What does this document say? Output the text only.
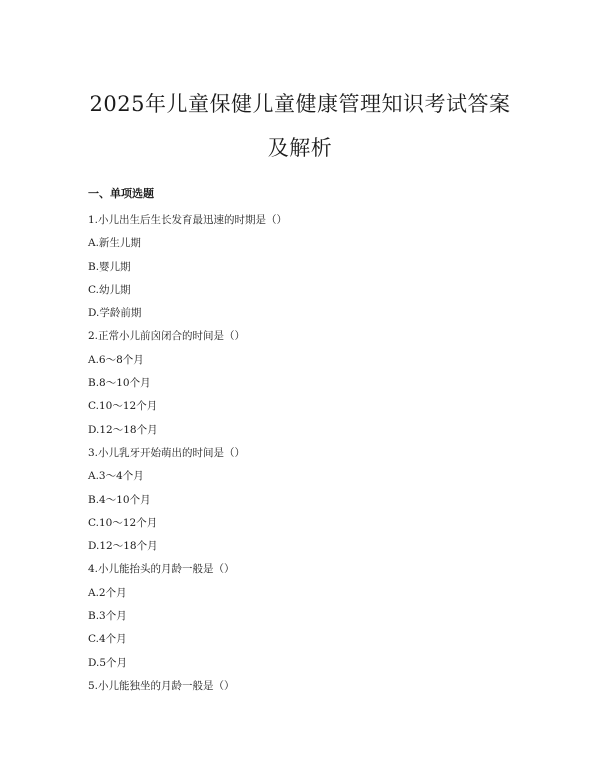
2025年儿童保健儿童健康管理知识考试答案
及解析
一、单项选题
1.小儿出生后生长发育最迅速的时期是（）
A.新生儿期
B.婴儿期
C.幼儿期
D.学龄前期
2.正常小儿前囟闭合的时间是（）
A.6～8个月
B.8～10个月
C.10～12个月
D.12～18个月
3.小儿乳牙开始萌出的时间是（）
A.3～4个月
B.4～10个月
C.10～12个月
D.12～18个月
4.小儿能抬头的月龄一般是（）
A.2个月
B.3个月
C.4个月
D.5个月
5.小儿能独坐的月龄一般是（）
